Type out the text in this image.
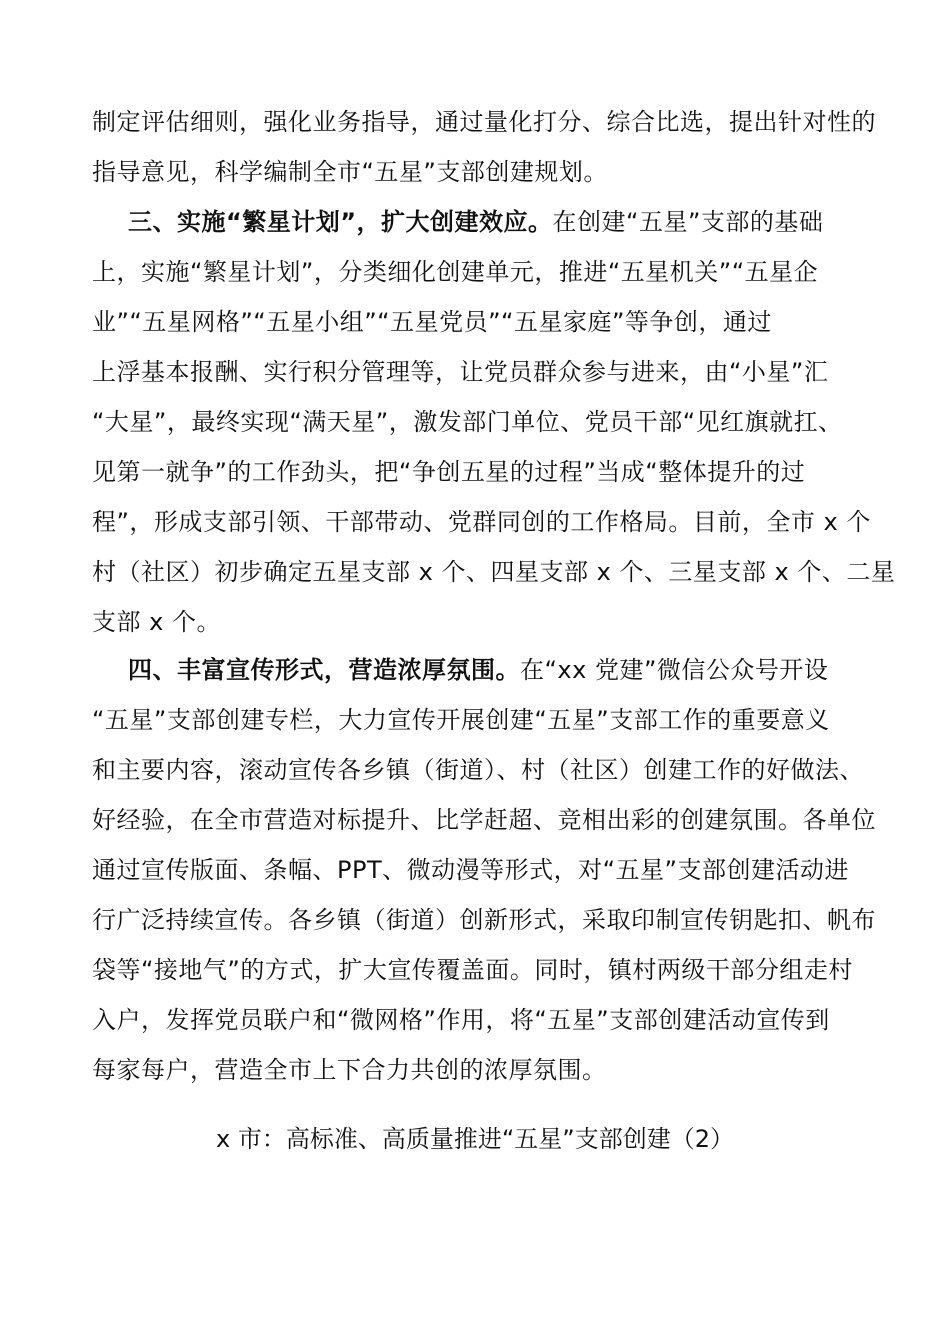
制定评估细则，强化业务指导，通过量化打分、综合比选，提出针对性的
指导意见，科学编制全市“五星”支部创建规划。
三、实施“繁星计划”，扩大创建效应。在创建“五星”支部的基础
上，实施“繁星计划”，分类细化创建单元，推进“五星机关”“五星企
业”“五星网格”“五星小组”“五星党员”“五星家庭”等争创，通过
上浮基本报酬、实行积分管理等，让党员群众参与进来，由“小星”汇
“大星”，最终实现“满天星”，激发部门单位、党员干部“见红旗就扛、
见第一就争”的工作劲头，把“争创五星的过程”当成“整体提升的过
程”，形成支部引领、干部带动、党群同创的工作格局。目前，全市 x 个
村（社区）初步确定五星支部 x 个、四星支部 x 个、三星支部 x 个、二星
支部 x 个。
四、丰富宣传形式，营造浓厚氛围。在“xx 党建”微信公众号开设
“五星”支部创建专栏，大力宣传开展创建“五星”支部工作的重要意义
和主要内容，滚动宣传各乡镇（街道）、村（社区）创建工作的好做法、
好经验，在全市营造对标提升、比学赶超、竞相出彩的创建氛围。各单位
通过宣传版面、条幅、PPT、微动漫等形式，对“五星”支部创建活动进
行广泛持续宣传。各乡镇（街道）创新形式，采取印制宣传钥匙扣、帆布
袋等“接地气”的方式，扩大宣传覆盖面。同时，镇村两级干部分组走村
入户，发挥党员联户和“微网格”作用，将“五星”支部创建活动宣传到
每家每户，营造全市上下合力共创的浓厚氛围。
x 市：高标准、高质量推进“五星”支部创建（2）
